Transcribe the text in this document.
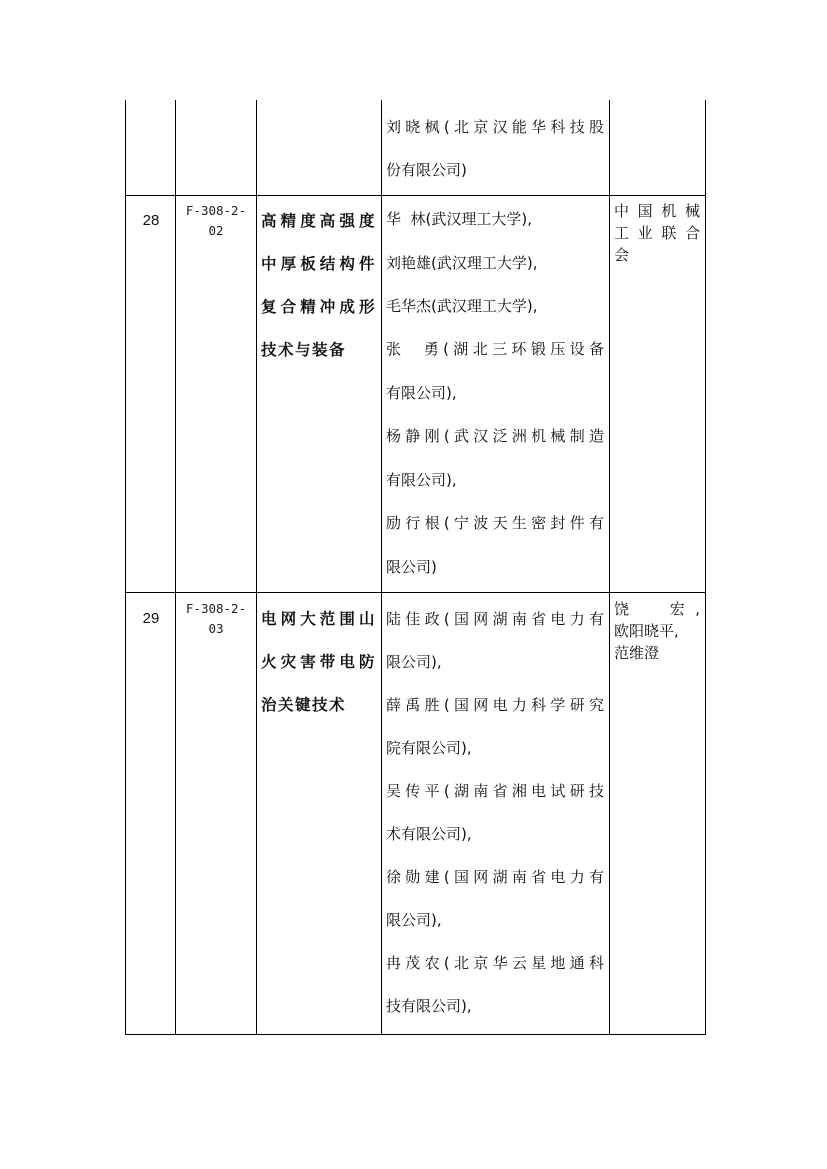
刘晓枫(北京汉能华科技股
份有限公司)
28
F-308-2-
02
高精度高强度
中厚板结构件
复合精冲成形
技术与装备
华  林(武汉理工大学),
刘艳雄(武汉理工大学),
毛华杰(武汉理工大学),
张  勇(湖北三环锻压设备
有限公司),
杨静刚(武汉泛洲机械制造
有限公司),
励行根(宁波天生密封件有
限公司)
中国机械
工业联合
会
29
F-308-2-
03
电网大范围山
火灾害带电防
治关键技术
陆佳政(国网湖南省电力有
限公司),
薛禹胜(国网电力科学研究
院有限公司),
吴传平(湖南省湘电试研技
术有限公司),
徐勋建(国网湖南省电力有
限公司),
冉茂农(北京华云星地通科
技有限公司),
饶  宏,
欧阳晓平,
范维澄
